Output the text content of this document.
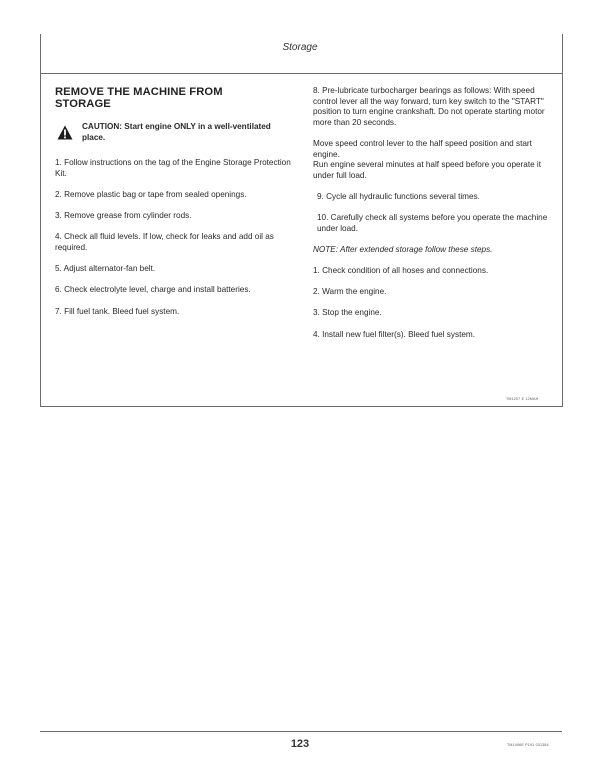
Storage
REMOVE THE MACHINE FROM
STORAGE
CAUTION: Start engine ONLY in a well-ventilated place.
1. Follow instructions on the tag of the Engine Storage Protection Kit.
2. Remove plastic bag or tape from sealed openings.
3. Remove grease from cylinder rods.
4. Check all fluid levels. If low, check for leaks and add oil as required.
5. Adjust alternator-fan belt.
6. Check electrolyte level, charge and install batteries.
7. Fill fuel tank. Bleed fuel system.
8. Pre-lubricate turbocharger bearings as follows: With speed control lever all the way forward, turn key switch to the "START" position to turn engine crankshaft. Do not operate starting motor more than 20 seconds.
Move speed control lever to the half speed position and start engine.
Run engine several minutes at half speed before you operate it under full load.
9. Cycle all hydraulic functions several times.
10. Carefully check all systems before you operate the machine under load.
NOTE: After extended storage follow these steps.
1. Check condition of all hoses and connections.
2. Warm the engine.
3. Stop the engine.
4. Install new fuel filter(s). Bleed fuel system.
TM1207 E 12MAH
123	TM1496E P191 031384
